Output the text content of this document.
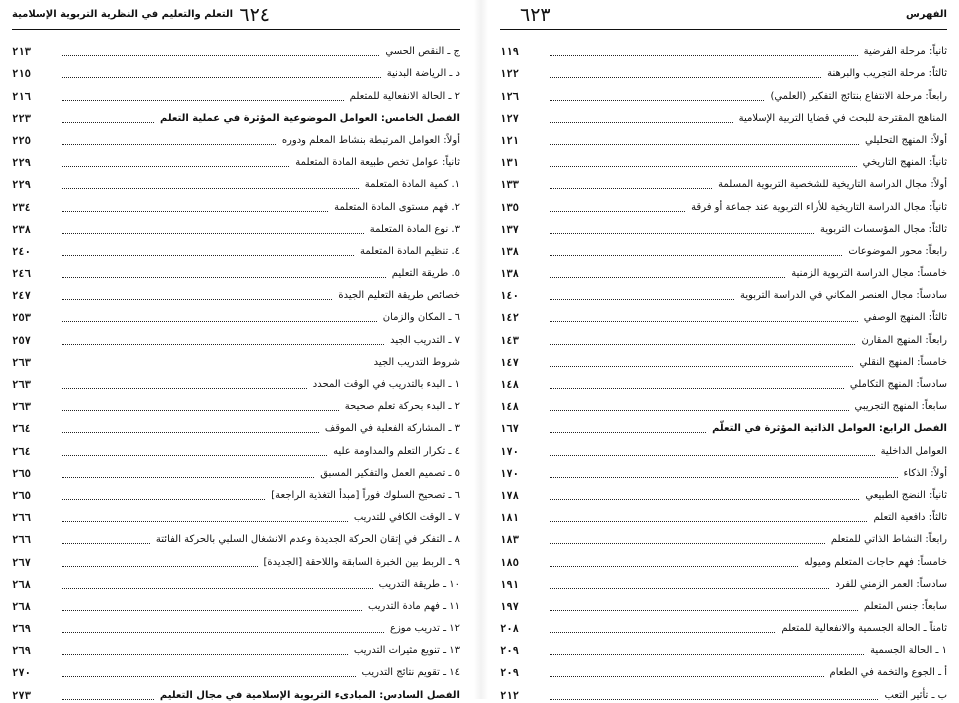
التعلم والتعليم في النظرية التربوية الإسلامية ٦٢٤
ج ـ النقص الحسي
٢١٣
د ـ الرياضة البدنية
٢١٥
٢ ـ الحالة الانفعالية للمتعلم
٢١٦
الفصل الخامس: العوامل الموضوعية المؤثرة في عملية التعلم
٢٢٣
أولاً: العوامل المرتبطة بنشاط المعلم ودوره
٢٢٥
ثانياً: عوامل تخص طبيعة المادة المتعلمة
٢٢٩
١. كمية المادة المتعلمة
٢٢٩
٢. فهم مستوى المادة المتعلمة
٢٣٤
٣. نوع المادة المتعلمة
٢٣٨
٤. تنظيم المادة المتعلمة
٢٤٠
٥. طريقة التعليم
٢٤٦
خصائص طريقة التعليم الجيدة
٢٤٧
٦ ـ المكان والزمان
٢٥٣
٧ ـ التدريب الجيد
٢٥٧
شروط التدريب الجيد
٢٦٣
١ ـ البدء بالتدريب في الوقت المحدد
٢٦٣
٢ ـ البدء بحركة تعلم صحيحة
٢٦٣
٣ ـ المشاركة الفعلية في الموقف
٢٦٤
٤ ـ تكرار التعلم والمداومة عليه
٢٦٤
٥ ـ تصميم العمل والتفكير المسبق
٢٦٥
٦ ـ تصحيح السلوك فوراً [مبدأ التغذية الراجعة]
٢٦٥
٧ ـ الوقت الكافي للتدريب
٢٦٦
٨ ـ التفكر في إتقان الحركة الجديدة وعدم الانشغال السلبي بالحركة الفائتة
٢٦٦
٩ ـ الربط بين الخبرة السابقة واللاحقة [الجديدة]
٢٦٧
١٠ ـ طريقة التدريب
٢٦٨
١١ ـ فهم مادة التدريب
٢٦٨
١٢ ـ تدريب موزع
٢٦٩
١٣ ـ تنويع مثيرات التدريب
٢٦٩
١٤ ـ تقويم نتائج التدريب
٢٧٠
الفصل السادس: المبادىء التربوية الإسلامية في مجال التعليم
٢٧٣
الفهرس
٦٢٣
ثانياً: مرحلة الفرضية
١١٩
ثالثاً: مرحلة التجريب والبرهنة
١٢٢
رابعاً: مرحلة الانتفاع بنتائج التفكير (العلمي)
١٢٦
المناهج المقترحة للبحث في قضايا التربية الإسلامية
١٢٧
أولاً: المنهج التحليلي
١٢١
ثانياً: المنهج التاريخي
١٣١
أولاً: مجال الدراسة التاريخية للشخصية التربوية المسلمة
١٣٣
ثانياً: مجال الدراسة التاريخية للأراء التربوية عند جماعة أو فرقة
١٣٥
ثالثاً: مجال المؤسسات التربوية
١٣٧
رابعاً: محور الموضوعات
١٣٨
خامساً: مجال الدراسة التربوية الزمنية
١٣٨
سادساً: مجال العنصر المكاني في الدراسة التربوية
١٤٠
ثالثاً: المنهج الوصفي
١٤٢
رابعاً: المنهج المقارن
١٤٣
خامساً: المنهج النقلي
١٤٧
سادساً: المنهج التكاملي
١٤٨
سابعاً: المنهج التجريبي
١٤٨
الفصل الرابع: العوامل الذاتية المؤثرة في التعلّم
١٦٧
العوامل الداخلية
١٧٠
أولاً: الذكاء
١٧٠
ثانياً: النضج الطبيعي
١٧٨
ثالثاً: دافعية التعلم
١٨١
رابعاً: النشاط الذاتي للمتعلم
١٨٣
خامساً: فهم حاجات المتعلم وميوله
١٨٥
سادساً: العمر الزمني للفرد
١٩١
سابعاً: جنس المتعلم
١٩٧
ثامناً ـ الحالة الجسمية والانفعالية للمتعلم
٢٠٨
١ ـ الحالة الجسمية
٢٠٩
أ ـ الجوع والتخمة في الطعام
٢٠٩
ب ـ تأثير التعب
٢١٢
